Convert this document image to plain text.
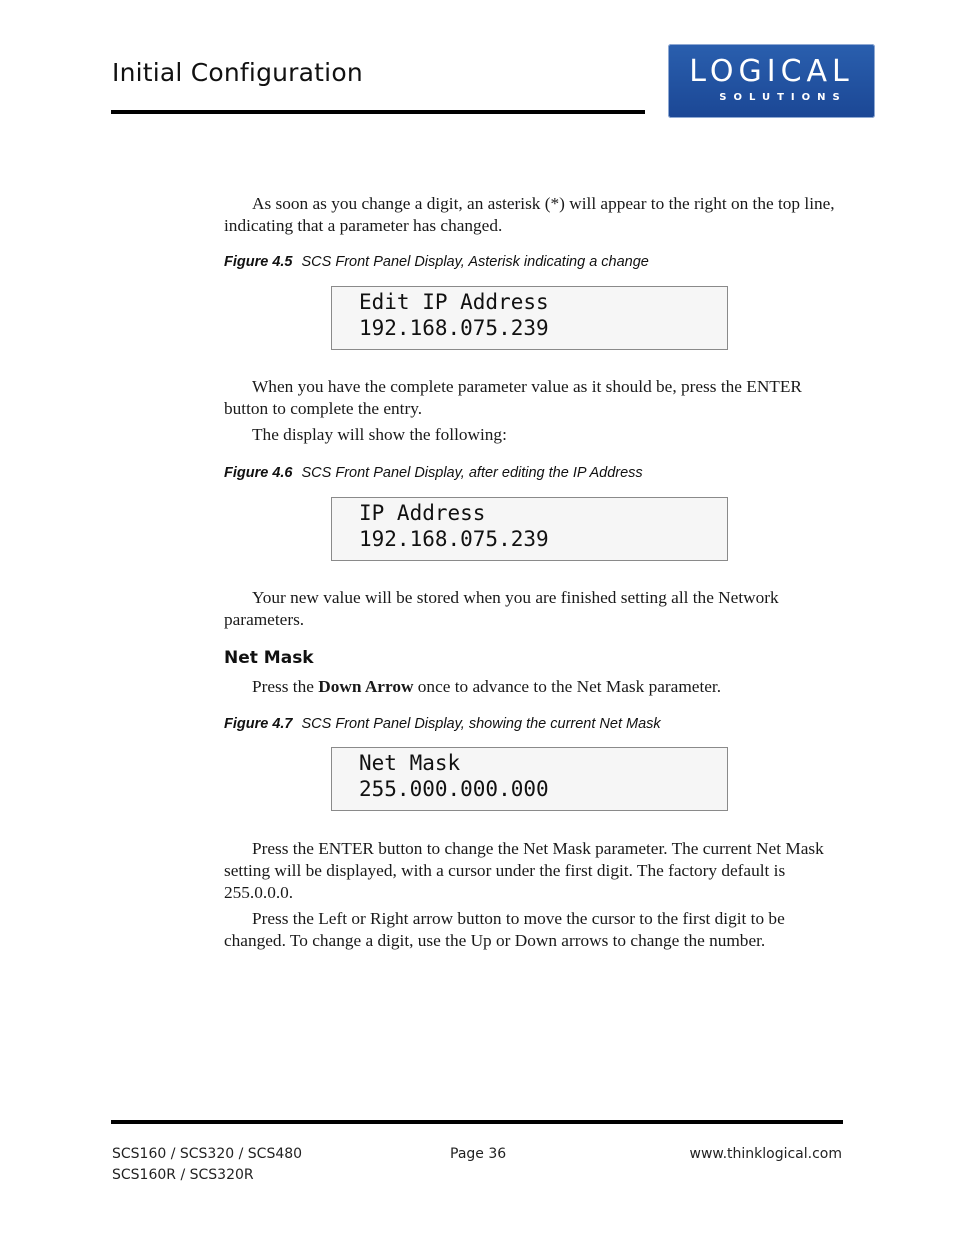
Initial Configuration	LOGICAL
SOLUTIONS

As soon as you change a digit, an asterisk (*) will appear to the right on the top line, indicating that a parameter has changed.

Figure 4.5 SCS Front Panel Display, Asterisk indicating a change
Edit IP Address
192.168.075.239

When you have the complete parameter value as it should be, press the ENTER button to complete the entry.

The display will show the following:

Figure 4.6 SCS Front Panel Display, after editing the IP Address
IP Address
192.168.075.239

Your new value will be stored when you are finished setting all the Network parameters.

Net Mask

Press the Down Arrow once to advance to the Net Mask parameter.

Figure 4.7 SCS Front Panel Display, showing the current Net Mask
Net Mask
255.000.000.000

Press the ENTER button to change the Net Mask parameter. The current Net Mask setting will be displayed, with a cursor under the first digit. The factory default is 255.0.0.0.

Press the Left or Right arrow button to move the cursor to the first digit to be changed. To change a digit, use the Up or Down arrows to change the number.

SCS160 / SCS320 / SCS480
SCS160R / SCS320R
Page 36	www.thinklogical.com
